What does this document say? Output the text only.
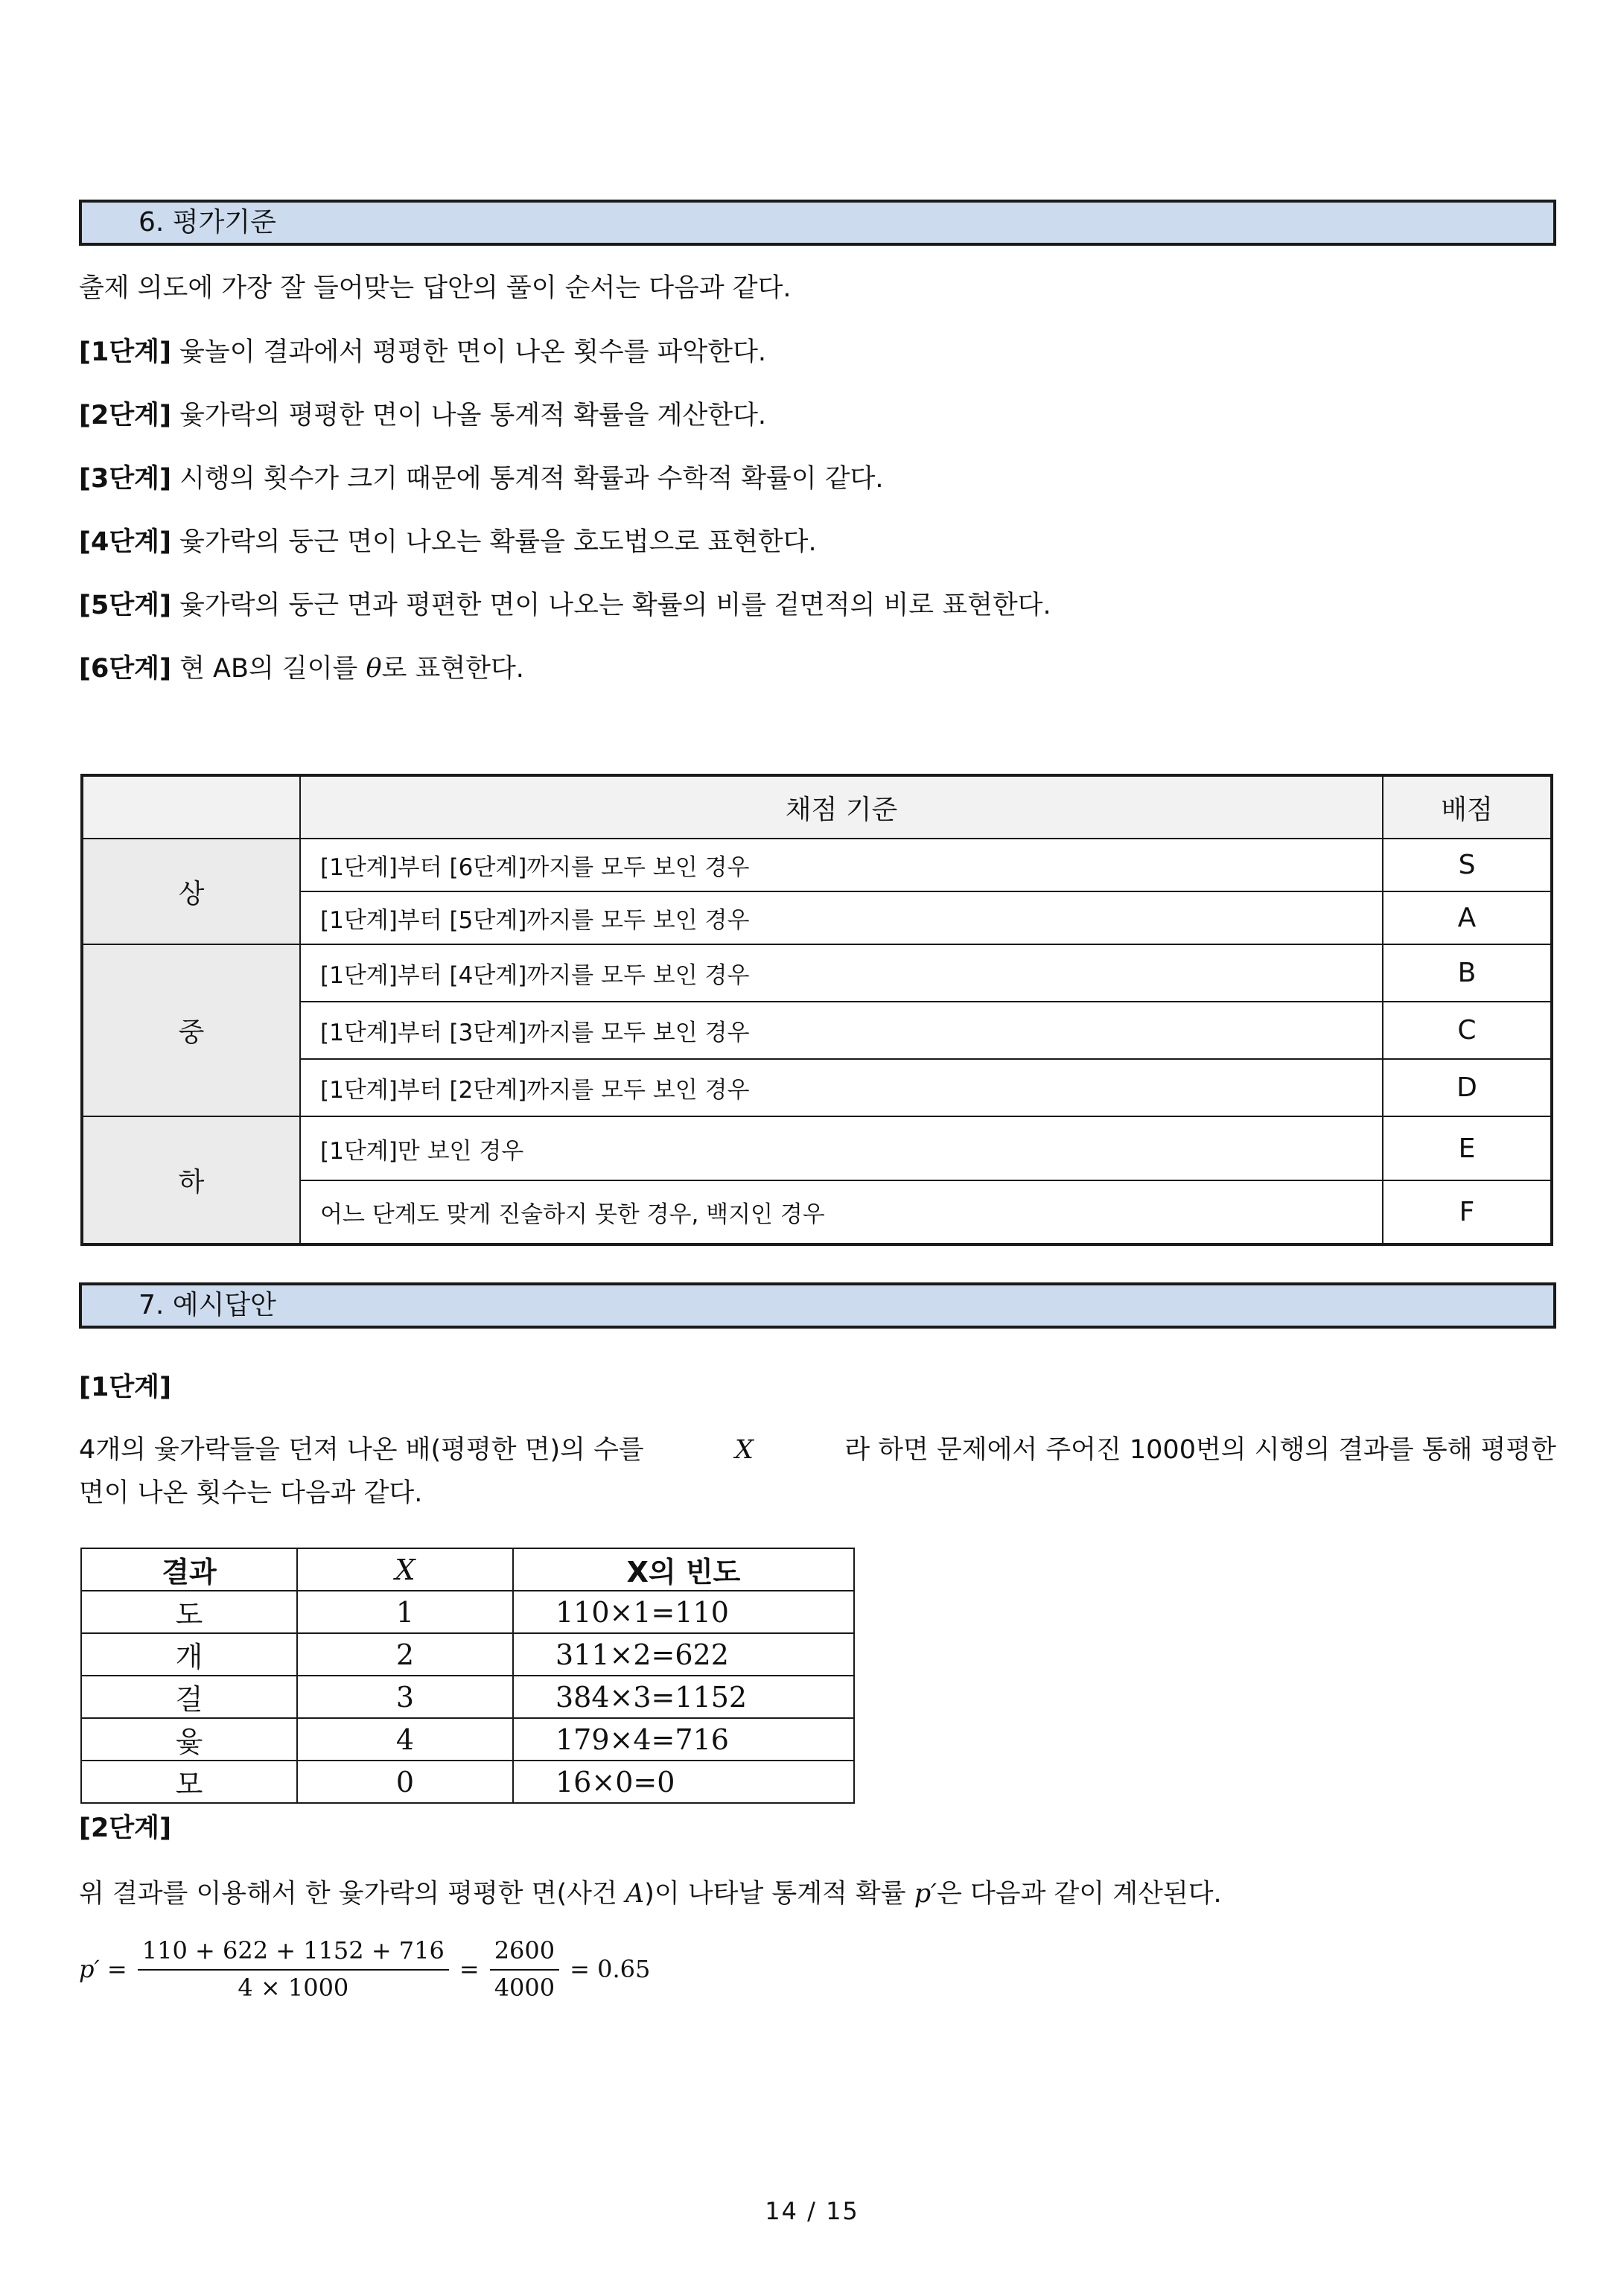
6. 평가기준
출제 의도에 가장 잘 들어맞는 답안의 풀이 순서는 다음과 같다.
[1단계] 윷놀이 결과에서 평평한 면이 나온 횟수를 파악한다.
[2단계] 윷가락의 평평한 면이 나올 통계적 확률을 계산한다.
[3단계] 시행의 횟수가 크기 때문에 통계적 확률과 수학적 확률이 같다.
[4단계] 윷가락의 둥근 면이 나오는 확률을 호도법으로 표현한다.
[5단계] 윷가락의 둥근 면과 평편한 면이 나오는 확률의 비를 겉면적의 비로 표현한다.
[6단계] 현 AB의 길이를 θ로 표현한다.
	채점 기준	배점
상	[1단계]부터 [6단계]까지를 모두 보인 경우	S
	[1단계]부터 [5단계]까지를 모두 보인 경우	A
중	[1단계]부터 [4단계]까지를 모두 보인 경우	B
	[1단계]부터 [3단계]까지를 모두 보인 경우	C
	[1단계]부터 [2단계]까지를 모두 보인 경우	D
하	[1단계]만 보인 경우	E
	어느 단계도 맞게 진술하지 못한 경우, 백지인 경우	F
7. 예시답안
[1단계]
4개의 윷가락들을 던져 나온 배(평평한 면)의 수를	X	라 하면 문제에서 주어진 1000번의 시행의 결과를 통해 평평한
면이 나온 횟수는 다음과 같다.
결과	X	X의 빈도
도	1	110×1=110
개	2	311×2=622
걸	3	384×3=1152
윷	4	179×4=716
모	0	16×0=0
[2단계]
위 결과를 이용해서 한 윷가락의 평평한 면(사건 A)이 나타날 통계적 확률 p′은 다음과 같이 계산된다.
$p' = \frac{110 + 622 + 1152 + 716}{4 \times 1000} = \frac{2600}{4000} = 0.65$
14 / 15
